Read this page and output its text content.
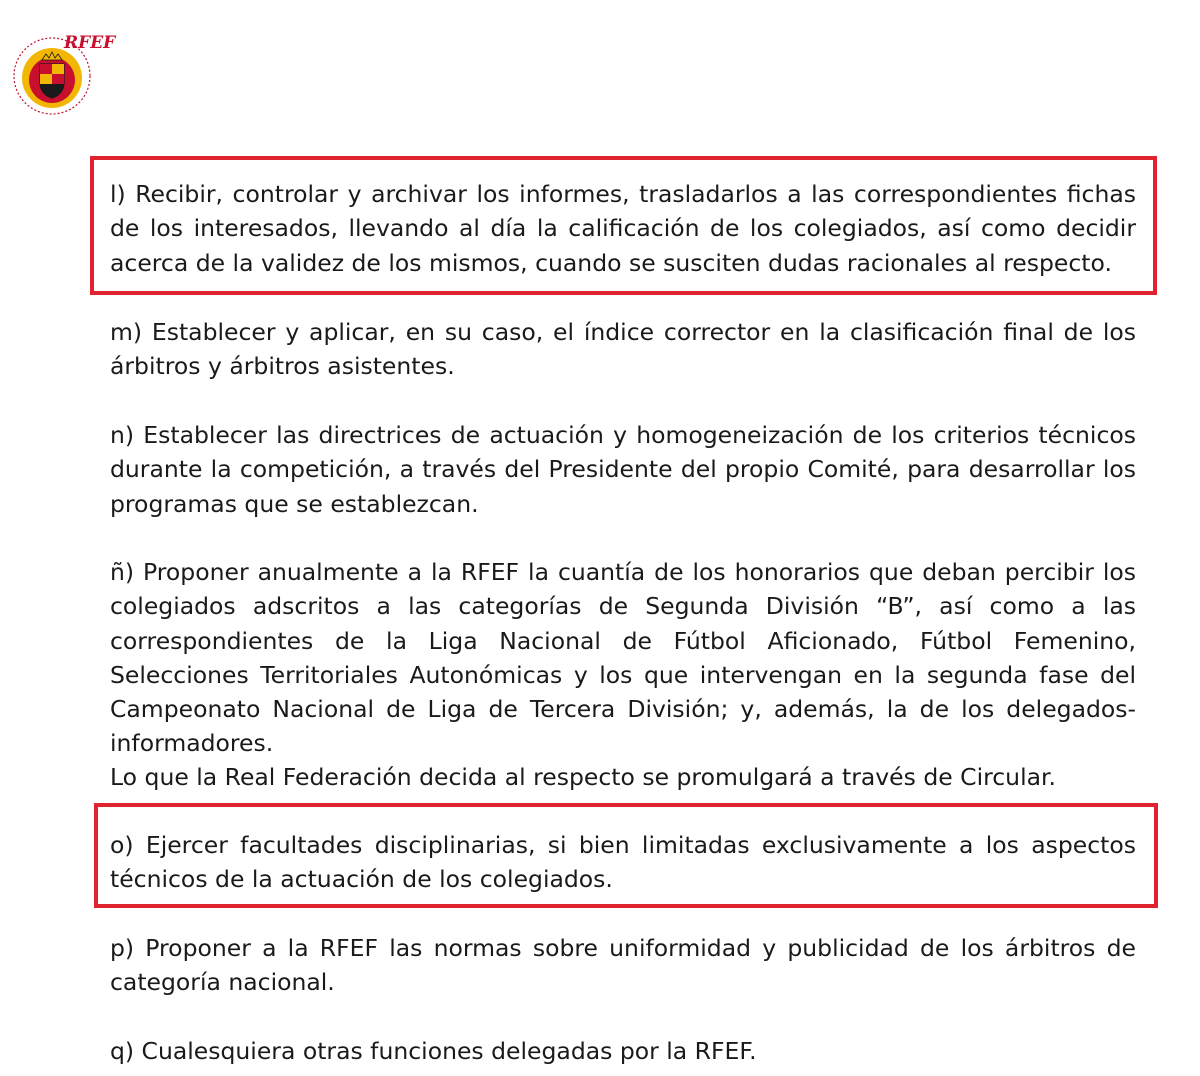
RFEF

l) Recibir, controlar y archivar los informes, trasladarlos a las correspondientes fichas de los interesados, llevando al día la calificación de los colegiados, así como decidir acerca de la validez de los mismos, cuando se susciten dudas racionales al respecto.

m) Establecer y aplicar, en su caso, el índice corrector en la clasificación final de los árbitros y árbitros asistentes.

n) Establecer las directrices de actuación y homogeneización de los criterios técnicos durante la competición, a través del Presidente del propio Comité, para desarrollar los programas que se establezcan.

ñ) Proponer anualmente a la RFEF la cuantía de los honorarios que deban percibir los colegiados adscritos a las categorías de Segunda División “B”, así como a las correspondientes de la Liga Nacional de Fútbol Aficionado, Fútbol Femenino, Selecciones Territoriales Autonómicas y los que intervengan en la segunda fase del Campeonato Nacional de Liga de Tercera División; y, además, la de los delegados-informadores.

Lo que la Real Federación decida al respecto se promulgará a través de Circular.

o) Ejercer facultades disciplinarias, si bien limitadas exclusivamente a los aspectos técnicos de la actuación de los colegiados.

p) Proponer a la RFEF las normas sobre uniformidad y publicidad de los árbitros de categoría nacional.

q) Cualesquiera otras funciones delegadas por la RFEF.
